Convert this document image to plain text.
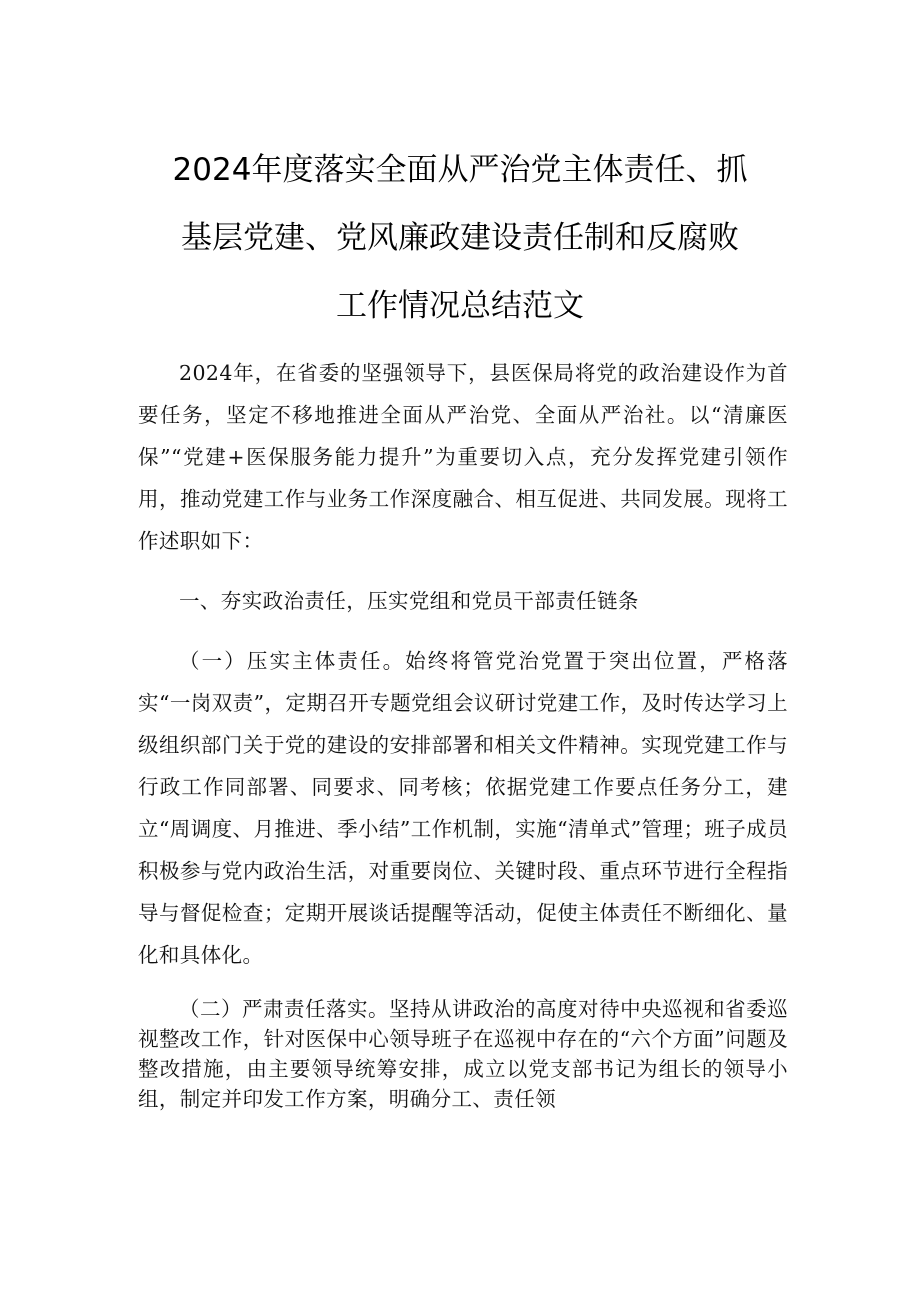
2024年度落实全面从严治党主体责任、抓
基层党建、党风廉政建设责任制和反腐败
工作情况总结范文

2024年，在省委的坚强领导下，县医保局将党的政治建设作为首要任务，坚定不移地推进全面从严治党、全面从严治社。以“清廉医保”“党建+医保服务能力提升”为重要切入点，充分发挥党建引领作用，推动党建工作与业务工作深度融合、相互促进、共同发展。现将工作述职如下：

一、夯实政治责任，压实党组和党员干部责任链条

（一）压实主体责任。始终将管党治党置于突出位置，严格落实“一岗双责”，定期召开专题党组会议研讨党建工作，及时传达学习上级组织部门关于党的建设的安排部署和相关文件精神。实现党建工作与行政工作同部署、同要求、同考核；依据党建工作要点任务分工，建立“周调度、月推进、季小结”工作机制，实施“清单式”管理；班子成员积极参与党内政治生活，对重要岗位、关键时段、重点环节进行全程指导与督促检查；定期开展谈话提醒等活动，促使主体责任不断细化、量化和具体化。

（二）严肃责任落实。坚持从讲政治的高度对待中央巡视和省委巡视整改工作，针对医保中心领导班子在巡视中存在的“六个方面”问题及整改措施，由主要领导统筹安排，成立以党支部书记为组长的领导小组，制定并印发工作方案，明确分工、责任领
